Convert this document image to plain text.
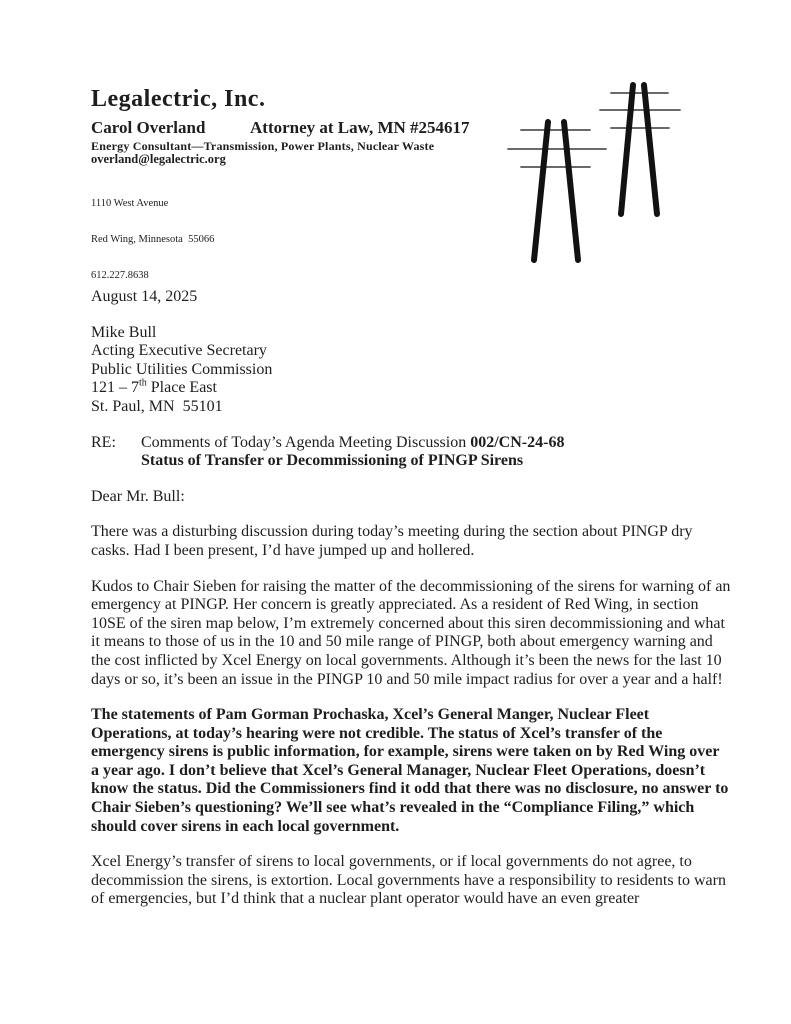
Legalectric, Inc.
Carol Overland	Attorney at Law, MN #254617
Energy Consultant—Transmission, Power Plants, Nuclear Waste
overland@legalectric.org

1110 West Avenue

Red Wing, Minnesota  55066

612.227.8638

August 14, 2025

Mike Bull
Acting Executive Secretary
Public Utilities Commission
121 – 7th Place East
St. Paul, MN  55101
RE:	Comments of Today’s Agenda Meeting Discussion 002/CN-24-68
Status of Transfer or Decommissioning of PINGP Sirens

Dear Mr. Bull:

There was a disturbing discussion during today’s meeting during the section about PINGP dry casks. Had I been present, I’d have jumped up and hollered.

Kudos to Chair Sieben for raising the matter of the decommissioning of the sirens for warning of an emergency at PINGP. Her concern is greatly appreciated. As a resident of Red Wing, in section 10SE of the siren map below, I’m extremely concerned about this siren decommissioning and what it means to those of us in the 10 and 50 mile range of PINGP, both about emergency warning and the cost inflicted by Xcel Energy on local governments. Although it’s been the news for the last 10 days or so, it’s been an issue in the PINGP 10 and 50 mile impact radius for over a year and a half!

The statements of Pam Gorman Prochaska, Xcel’s General Manger, Nuclear Fleet Operations, at today’s hearing were not credible. The status of Xcel’s transfer of the emergency sirens is public information, for example, sirens were taken on by Red Wing over a year ago. I don’t believe that Xcel’s General Manager, Nuclear Fleet Operations, doesn’t know the status. Did the Commissioners find it odd that there was no disclosure, no answer to Chair Sieben’s questioning? We’ll see what’s revealed in the “Compliance Filing,” which should cover sirens in each local government.

Xcel Energy’s transfer of sirens to local governments, or if local governments do not agree, to decommission the sirens, is extortion. Local governments have a responsibility to residents to warn of emergencies, but I’d think that a nuclear plant operator would have an even greater
